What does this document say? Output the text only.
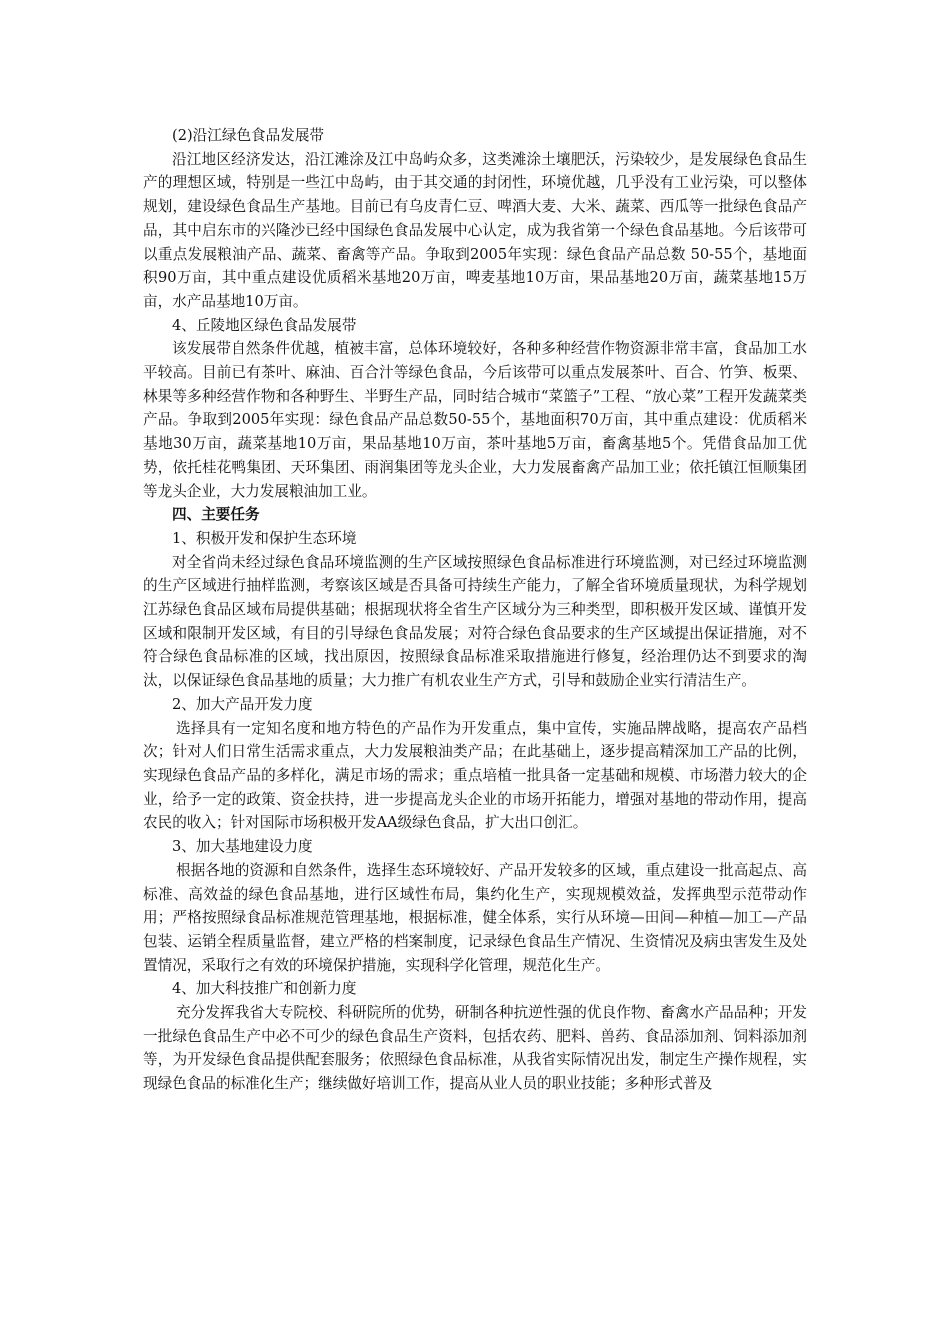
(2)沿江绿色食品发展带

沿江地区经济发达，沿江滩涂及江中岛屿众多，这类滩涂土壤肥沃，污染较少，是发展绿色食品生产的理想区域，特别是一些江中岛屿，由于其交通的封闭性，环境优越，几乎没有工业污染，可以整体规划，建设绿色食品生产基地。目前已有乌皮青仁豆、啤酒大麦、大米、蔬菜、西瓜等一批绿色食品产品，其中启东市的兴隆沙已经中国绿色食品发展中心认定，成为我省第一个绿色食品基地。今后该带可以重点发展粮油产品、蔬菜、畜禽等产品。争取到2005年实现：绿色食品产品总数 50-55个，基地面积90万亩，其中重点建设优质稻米基地20万亩，啤麦基地10万亩，果品基地20万亩，蔬菜基地15万亩，水产品基地10万亩。

4、丘陵地区绿色食品发展带

该发展带自然条件优越，植被丰富，总体环境较好，各种多种经营作物资源非常丰富，食品加工水平较高。目前已有茶叶、麻油、百合汁等绿色食品，今后该带可以重点发展茶叶、百合、竹笋、板栗、林果等多种经营作物和各种野生、半野生产品，同时结合城市“菜篮子”工程、“放心菜”工程开发蔬菜类产品。争取到2005年实现：绿色食品产品总数50-55个，基地面积70万亩，其中重点建设：优质稻米基地30万亩，蔬菜基地10万亩，果品基地10万亩，茶叶基地5万亩，畜禽基地5个。凭借食品加工优势，依托桂花鸭集团、天环集团、雨润集团等龙头企业，大力发展畜禽产品加工业；依托镇江恒顺集团等龙头企业，大力发展粮油加工业。

四、主要任务

1、积极开发和保护生态环境

对全省尚未经过绿色食品环境监测的生产区域按照绿色食品标准进行环境监测，对已经过环境监测的生产区域进行抽样监测，考察该区域是否具备可持续生产能力，了解全省环境质量现状，为科学规划江苏绿色食品区域布局提供基础；根据现状将全省生产区域分为三种类型，即积极开发区域、谨慎开发区域和限制开发区域，有目的引导绿色食品发展；对符合绿色食品要求的生产区域提出保证措施，对不符合绿色食品标准的区域，找出原因，按照绿食品标准采取措施进行修复，经治理仍达不到要求的淘汰，以保证绿色食品基地的质量；大力推广有机农业生产方式，引导和鼓励企业实行清洁生产。

2、加大产品开发力度

选择具有一定知名度和地方特色的产品作为开发重点，集中宣传，实施品牌战略，提高农产品档次；针对人们日常生活需求重点，大力发展粮油类产品；在此基础上，逐步提高精深加工产品的比例，实现绿色食品产品的多样化，满足市场的需求；重点培植一批具备一定基础和规模、市场潜力较大的企业，给予一定的政策、资金扶持，进一步提高龙头企业的市场开拓能力，增强对基地的带动作用，提高农民的收入；针对国际市场积极开发AA级绿色食品，扩大出口创汇。

3、加大基地建设力度

根据各地的资源和自然条件，选择生态环境较好、产品开发较多的区域，重点建设一批高起点、高标准、高效益的绿色食品基地，进行区域性布局，集约化生产，实现规模效益，发挥典型示范带动作用；严格按照绿食品标准规范管理基地，根据标准，健全体系，实行从环境—田间—种植—加工—产品包装、运销全程质量监督，建立严格的档案制度，记录绿色食品生产情况、生资情况及病虫害发生及处置情况，采取行之有效的环境保护措施，实现科学化管理，规范化生产。

4、加大科技推广和创新力度

充分发挥我省大专院校、科研院所的优势，研制各种抗逆性强的优良作物、畜禽水产品品种；开发一批绿色食品生产中必不可少的绿色食品生产资料，包括农药、肥料、兽药、食品添加剂、饲料添加剂等，为开发绿色食品提供配套服务；依照绿色食品标准，从我省实际情况出发，制定生产操作规程，实现绿色食品的标准化生产；继续做好培训工作，提高从业人员的职业技能；多种形式普及
